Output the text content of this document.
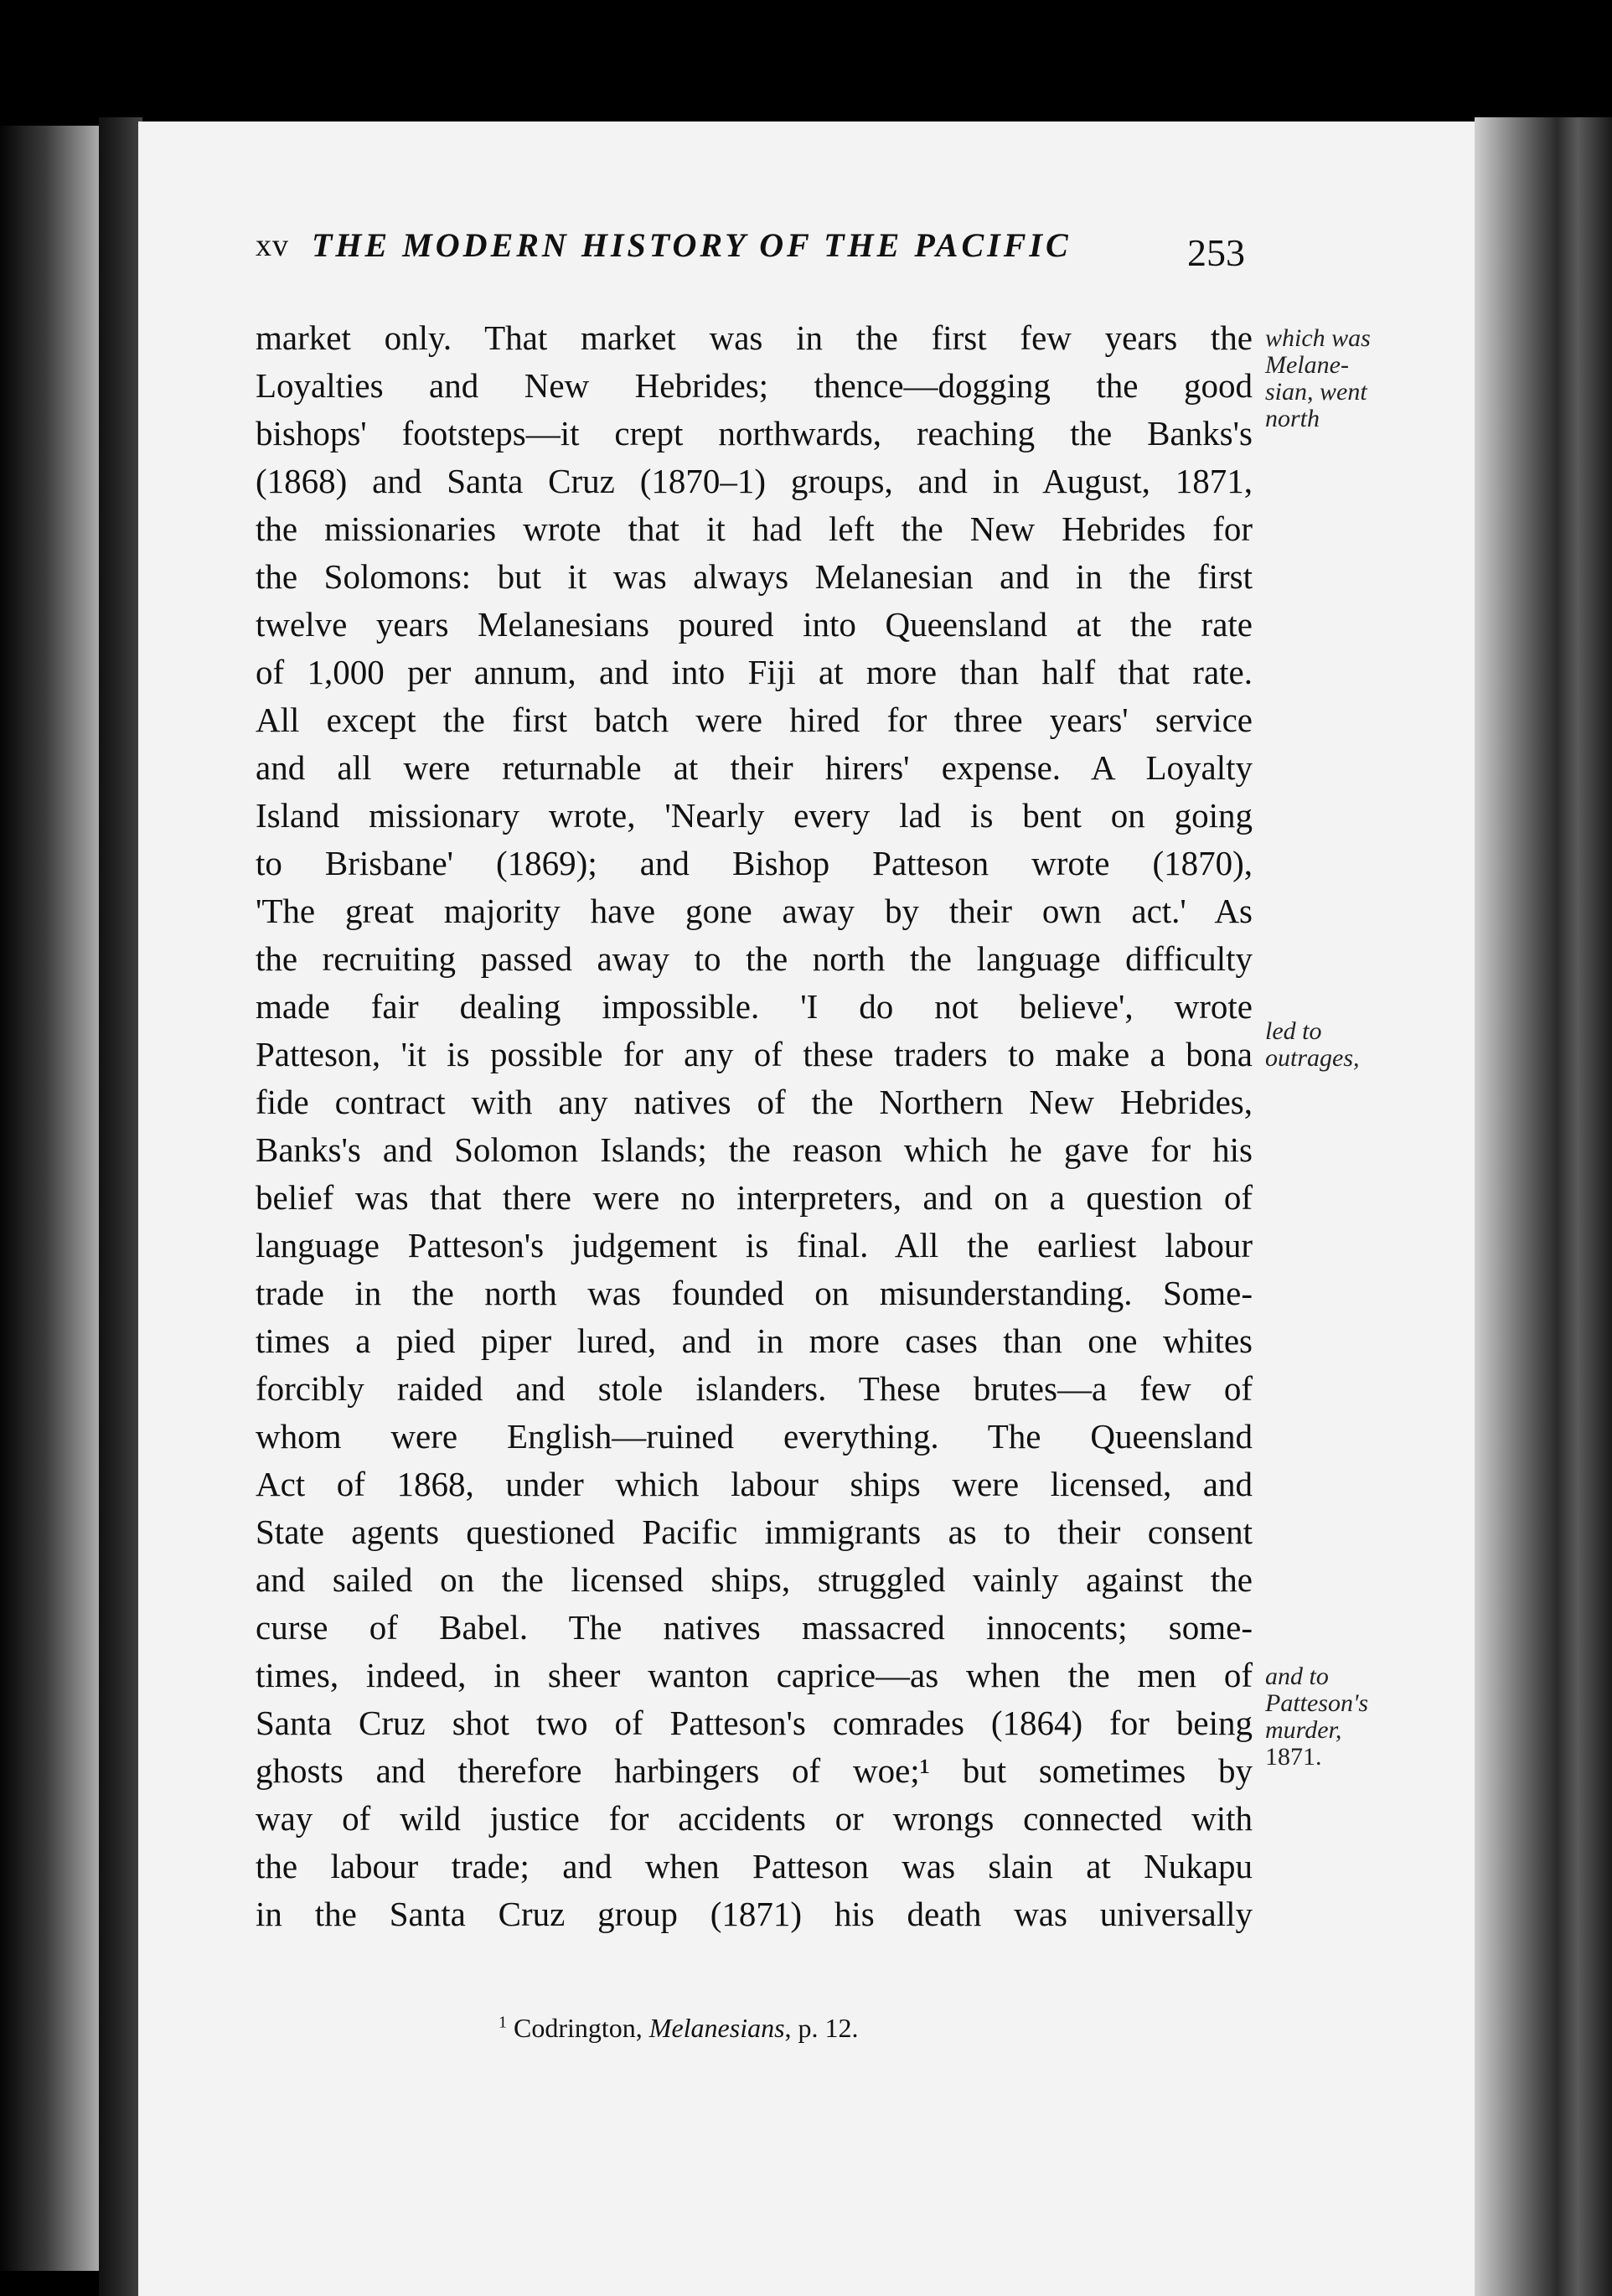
xv THE MODERN HISTORY OF THE PACIFIC	253
market only. That market was in the first few years the
Loyalties and New Hebrides; thence—dogging the good
bishops' footsteps—it crept northwards, reaching the Banks's
(1868) and Santa Cruz (1870–1) groups, and in August, 1871,
the missionaries wrote that it had left the New Hebrides for
the Solomons: but it was always Melanesian and in the first
twelve years Melanesians poured into Queensland at the rate
of 1,000 per annum, and into Fiji at more than half that rate.
All except the first batch were hired for three years' service
and all were returnable at their hirers' expense. A Loyalty
Island missionary wrote, 'Nearly every lad is bent on going
to Brisbane' (1869); and Bishop Patteson wrote (1870),
'The great majority have gone away by their own act.' As
the recruiting passed away to the north the language difficulty
made fair dealing impossible. 'I do not believe', wrote
Patteson, 'it is possible for any of these traders to make a bona
fide contract with any natives of the Northern New Hebrides,
Banks's and Solomon Islands; the reason which he gave for his
belief was that there were no interpreters, and on a question of
language Patteson's judgement is final. All the earliest labour
trade in the north was founded on misunderstanding. Some-
times a pied piper lured, and in more cases than one whites
forcibly raided and stole islanders. These brutes—a few of
whom were English—ruined everything. The Queensland
Act of 1868, under which labour ships were licensed, and
State agents questioned Pacific immigrants as to their consent
and sailed on the licensed ships, struggled vainly against the
curse of Babel. The natives massacred innocents; some-
times, indeed, in sheer wanton caprice—as when the men of
Santa Cruz shot two of Patteson's comrades (1864) for being
ghosts and therefore harbingers of woe;¹ but sometimes by
way of wild justice for accidents or wrongs connected with
the labour trade; and when Patteson was slain at Nukapu
in the Santa Cruz group (1871) his death was universally
which was
Melane-
sian, went
north
led to
outrages,
and to
Patteson's
murder,
1871.
$^1$ Codrington, Melanesians, p. 12.
